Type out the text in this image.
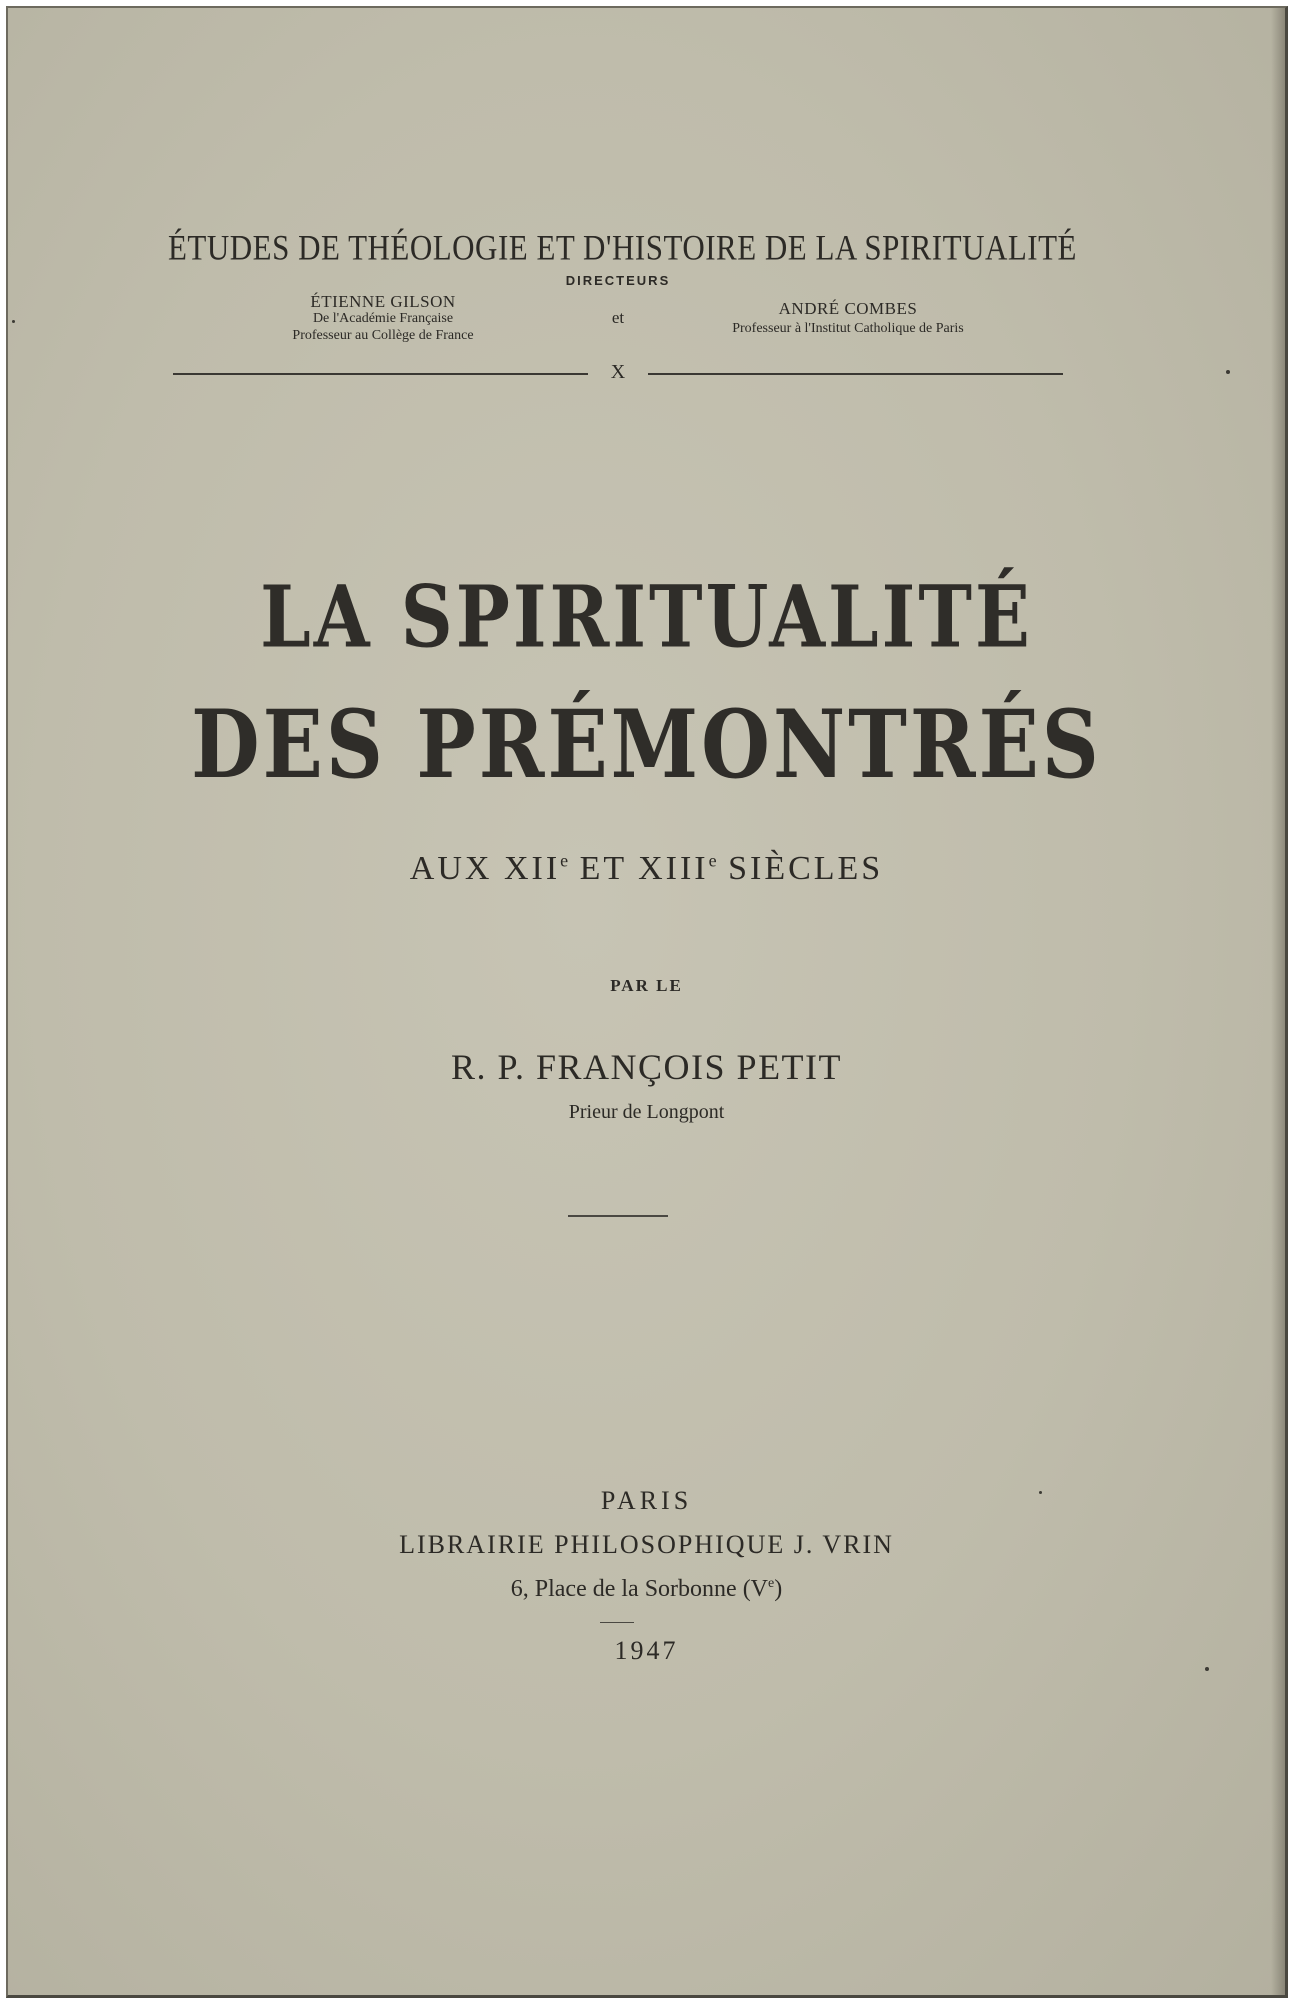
ÉTUDES DE THÉOLOGIE ET D'HISTOIRE DE LA SPIRITUALITÉ
DIRECTEURS
ÉTIENNE GILSON
De l'Académie Française
Professeur au Collège de France
et	ANDRÉ COMBES
Professeur à l'Institut Catholique de Paris
X
LA SPIRITUALITÉ
DES PRÉMONTRÉS
AUX XIIe ET XIIIe SIÈCLES
PAR LE
R. P. FRANÇOIS PETIT
Prieur de Longpont
PARIS
LIBRAIRIE PHILOSOPHIQUE J. VRIN
6, Place de la Sorbonne (Ve)
1947
